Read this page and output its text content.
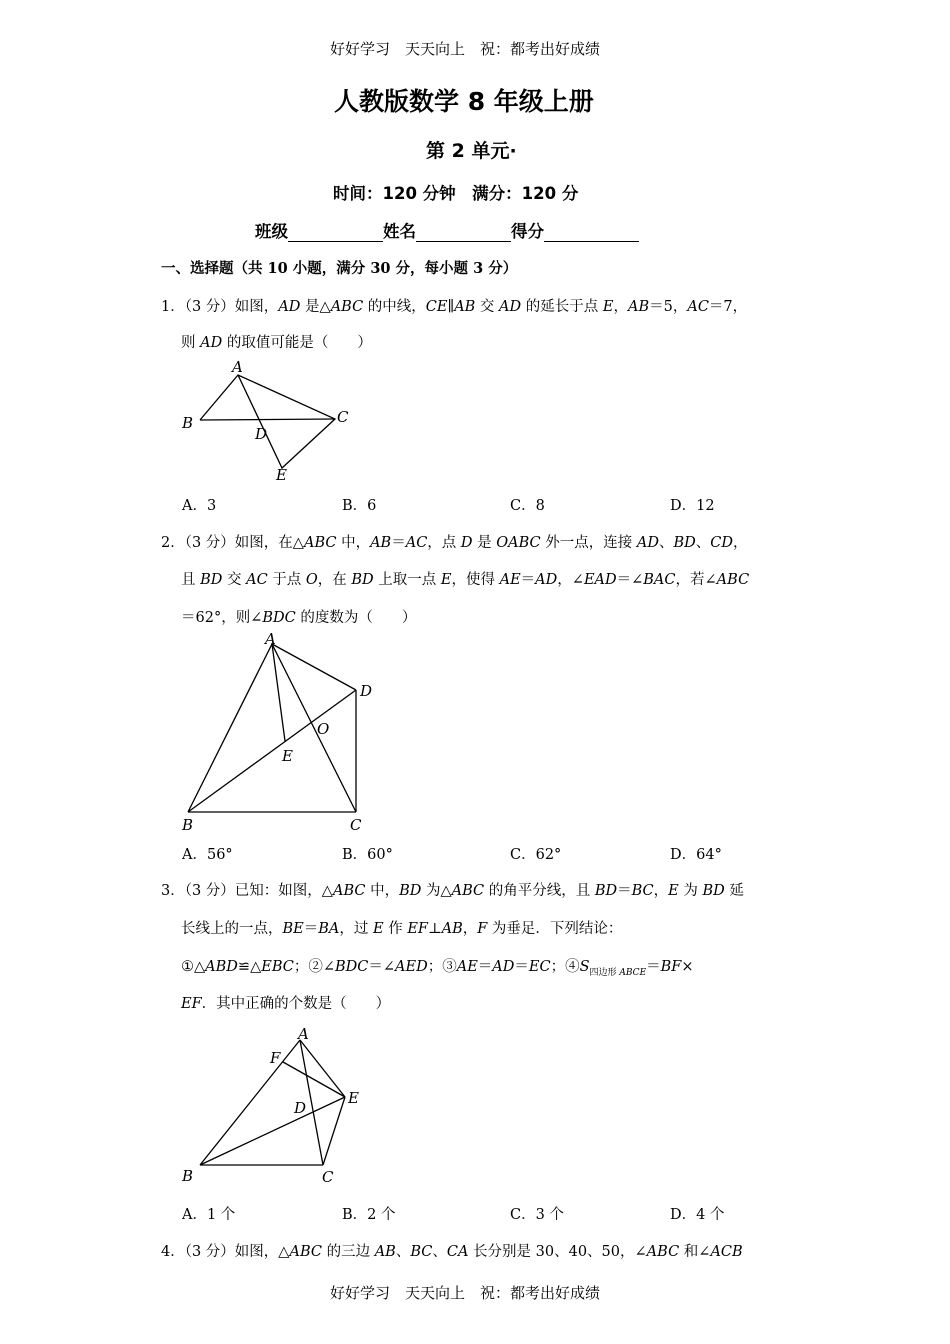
好好学习　天天向上　祝：都考出好成绩
人教版数学 8 年级上册
第 2 单元·
时间：120 分钟　满分：120 分
班级	姓名	得分
一、选择题（共 10 小题，满分 30 分，每小题 3 分）
1．（3 分）如图，AD 是△ABC 的中线，CE∥AB 交 AD 的延长于点 E，AB＝5，AC＝7，
则 AD 的取值可能是（　　）
A
B	C
D
E
A．3	B．6	C．8	D．12
2．（3 分）如图，在△ABC 中，AB＝AC，点 D 是 OABC 外一点，连接 AD、BD、CD，
且 BD 交 AC 于点 O，在 BD 上取一点 E，使得 AE＝AD，∠EAD＝∠BAC，若∠ABC
＝62°，则∠BDC 的度数为（　　）
A
B	C
D
E
O
A．56°	B．60°	C．62°	D．64°
3．（3 分）已知：如图，△ABC 中，BD 为△ABC 的角平分线，且 BD＝BC，E 为 BD 延
长线上的一点，BE＝BA，过 E 作 EF⊥AB，F 为垂足．下列结论：
①△ABD≌△EBC；②∠BDC＝∠AED；③AE＝AD＝EC；$④S_{四边形 ABCE}=BF\times$
EF．其中正确的个数是（　　）
A
B	C
D
E
F
A．1 个	B．2 个	C．3 个	D．4 个
4．（3 分）如图，△ABC 的三边 AB、BC、CA 长分别是 30、40、50，∠ABC 和∠ACB
好好学习　天天向上　祝：都考出好成绩
